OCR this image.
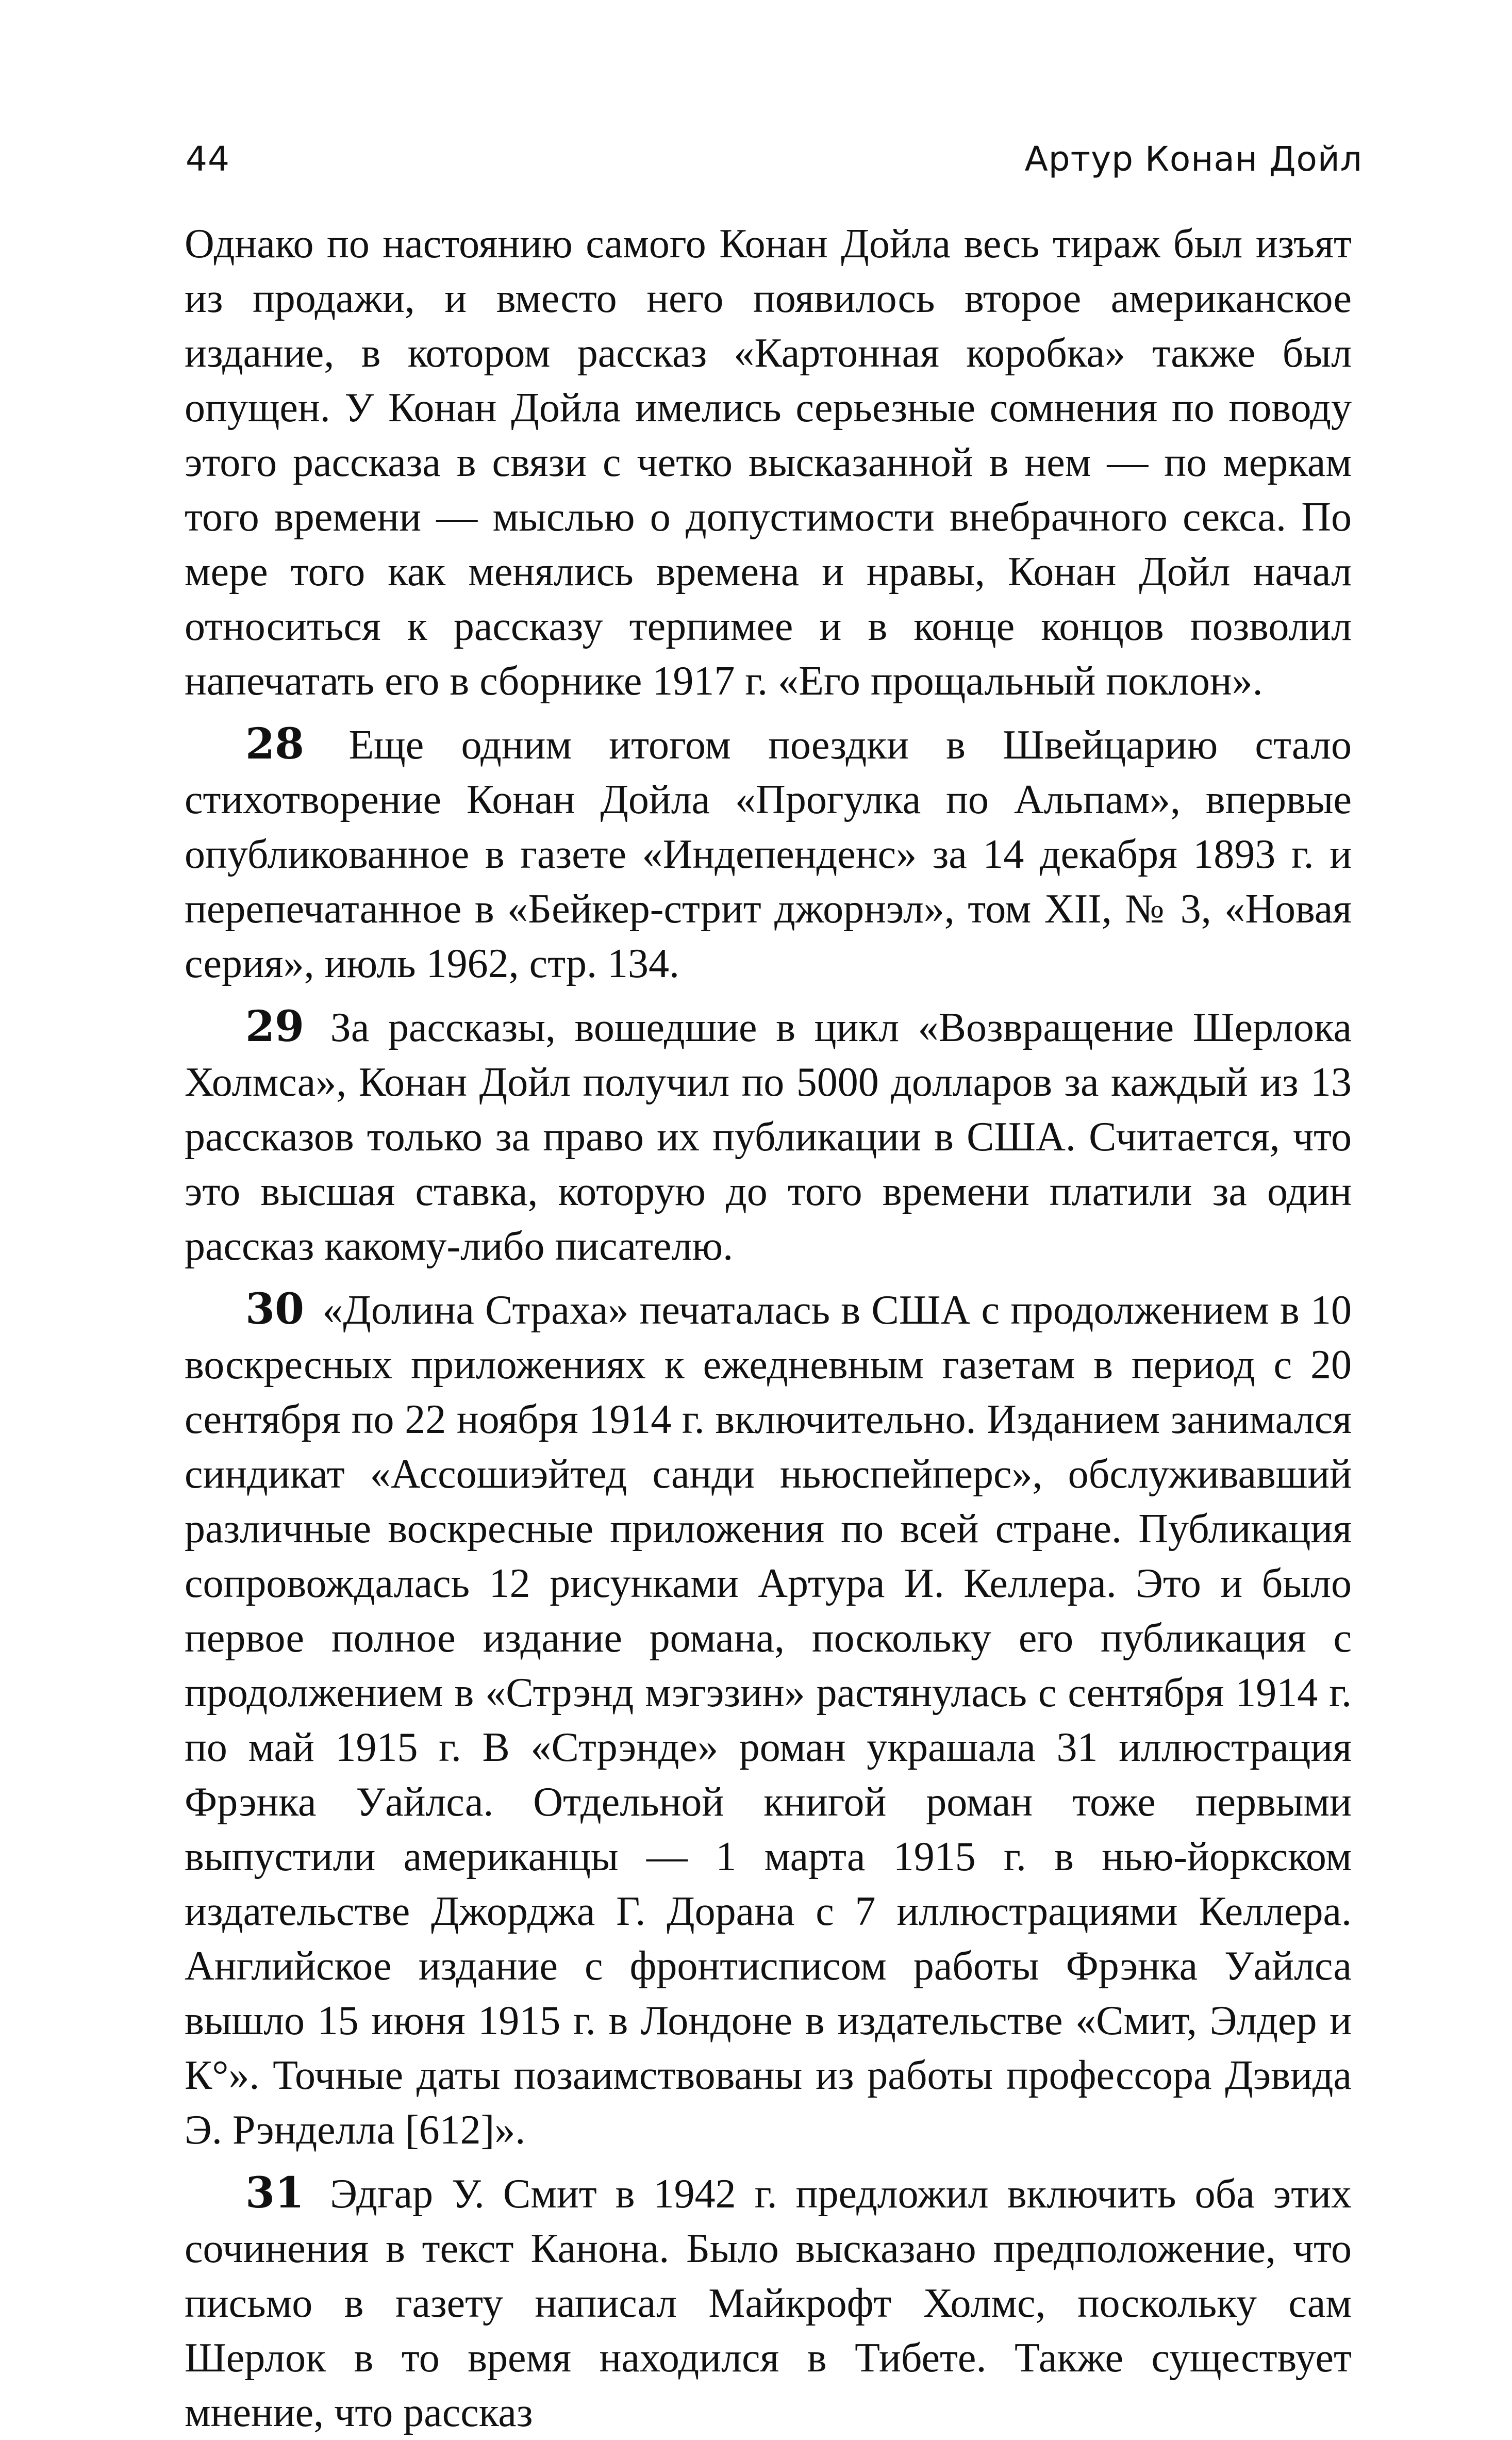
44	Артур Конан Дойл

Однако по настоянию самого Конан Дойла весь тираж был изъят из продажи, и вместо него появилось второе американское издание, в котором рассказ «Картонная коробка» также был опущен. У Конан Дойла имелись серьезные сомнения по поводу этого рассказа в связи с четко высказанной в нем — по меркам того времени — мыслью о допустимости внебрачного секса. По мере того как менялись времена и нравы, Конан Дойл начал относиться к рассказу терпимее и в конце концов позволил напечатать его в сборнике 1917 г. «Его прощальный поклон».

28 Еще одним итогом поездки в Швейцарию стало стихотворение Конан Дойла «Прогулка по Альпам», впервые опубликованное в газете «Индепенденс» за 14 декабря 1893 г. и перепечатанное в «Бейкер-стрит джорнэл», том XII, № 3, «Новая серия», июль 1962, стр. 134.

29 За рассказы, вошедшие в цикл «Возвращение Шерлока Холмса», Конан Дойл получил по 5000 долларов за каждый из 13 рассказов только за право их публикации в США. Считается, что это высшая ставка, которую до того времени платили за один рассказ какому-либо писателю.

30 «Долина Страха» печаталась в США с продолжением в 10 воскресных приложениях к ежедневным газетам в период с 20 сентября по 22 ноября 1914 г. включительно. Изданием занимался синдикат «Ассошиэйтед санди ньюспейперс», обслуживавший различные воскресные приложения по всей стране. Публикация сопровождалась 12 рисунками Артура И. Келлера. Это и было первое полное издание романа, поскольку его публикация с продолжением в «Стрэнд мэгэзин» растянулась с сентября 1914 г. по май 1915 г. В «Стрэнде» роман украшала 31 иллюстрация Фрэнка Уайлса. Отдельной книгой роман тоже первыми выпустили американцы — 1 марта 1915 г. в нью-йоркском издательстве Джорджа Г. Дорана с 7 иллюстрациями Келлера. Английское издание с фронтисписом работы Фрэнка Уайлса вышло 15 июня 1915 г. в Лондоне в издательстве «Смит, Элдер и К°». Точные даты позаимствованы из работы профессора Дэвида Э. Рэнделла [612]».

31 Эдгар У. Смит в 1942 г. предложил включить оба этих сочинения в текст Канона. Было высказано предположение, что письмо в газету написал Майкрофт Холмс, поскольку сам Шерлок в то время находился в Тибете. Также существует мнение, что рассказ
